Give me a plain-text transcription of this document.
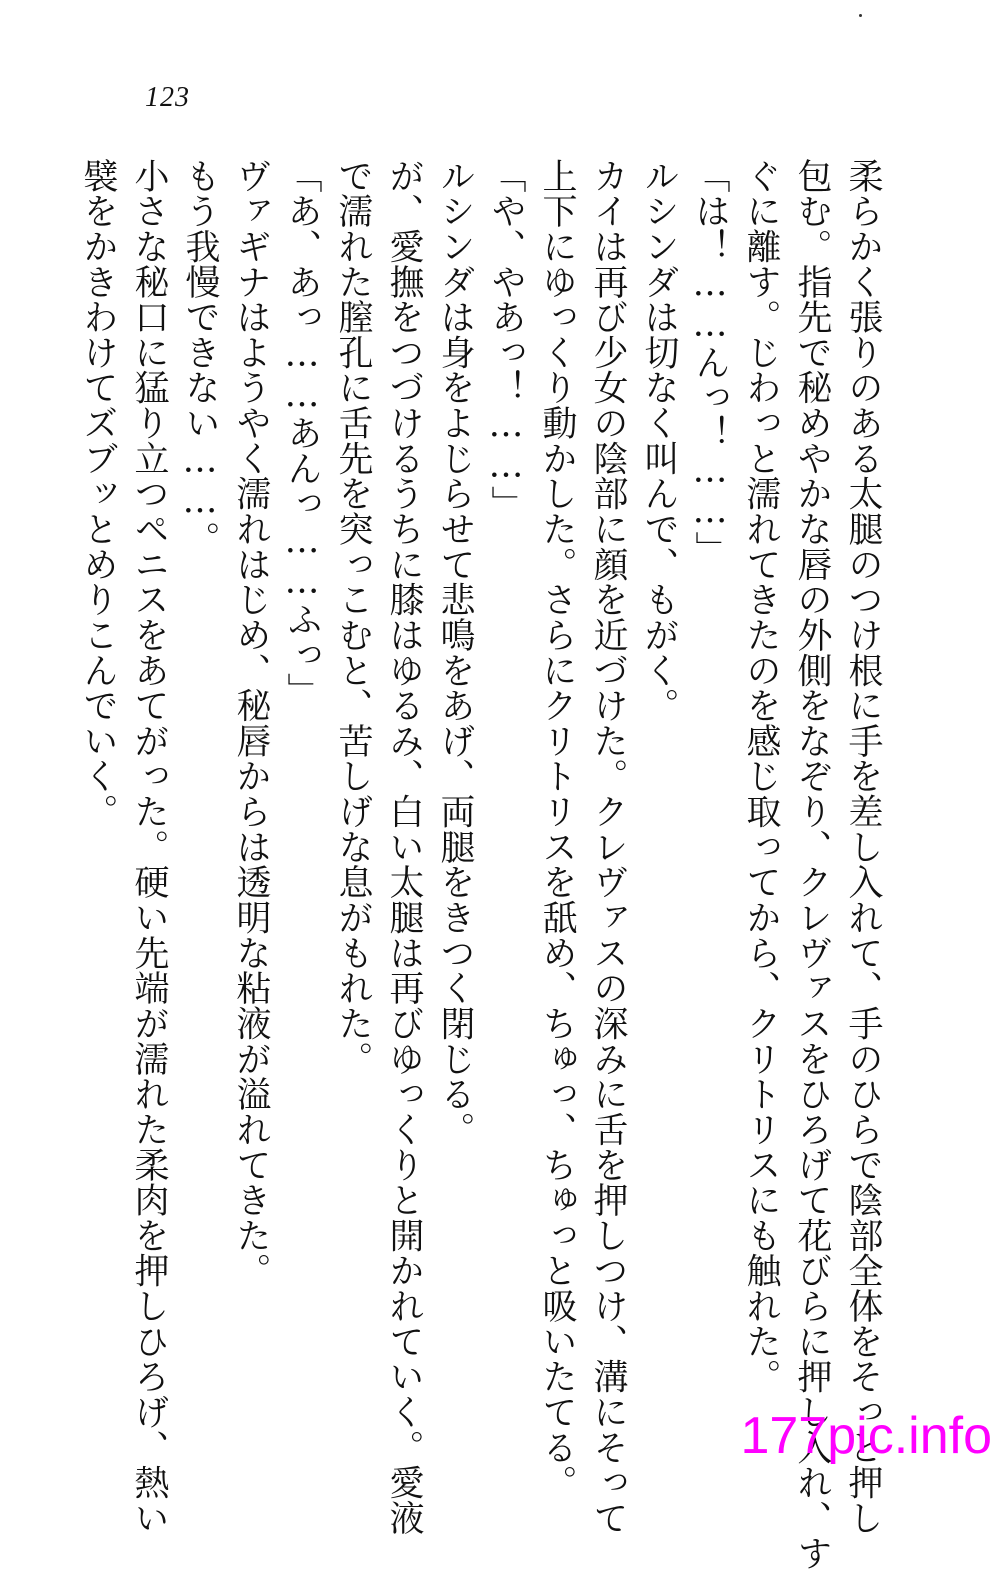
123

柔らかく張りのある太腿のつけ根に手を差し入れて、手のひらで陰部全体をそっと押し

包む。指先で秘めやかな唇の外側をなぞり、クレヴァスをひろげて花びらに押し入れ、す

ぐに離す。じわっと濡れてきたのを感じ取ってから、クリトリスにも触れた。

「は！……んっ！……」

ルシンダは切なく叫んで、もがく。

カイは再び少女の陰部に顔を近づけた。クレヴァスの深みに舌を押しつけ、溝にそって

上下にゆっくり動かした。さらにクリトリスを舐め、ちゅっ、ちゅっと吸いたてる。

「や、やあっ！……」

ルシンダは身をよじらせて悲鳴をあげ、両腿をきつく閉じる。

が、愛撫をつづけるうちに膝はゆるみ、白い太腿は再びゆっくりと開かれていく。愛液

で濡れた膣孔に舌先を突っこむと、苦しげな息がもれた。

「あ、あっ……あんっ……ふっ」

ヴァギナはようやく濡れはじめ、秘唇からは透明な粘液が溢れてきた。

もう我慢できない……。

小さな秘口に猛り立つペニスをあてがった。硬い先端が濡れた柔肉を押しひろげ、熱い

襞をかきわけてズブッとめりこんでいく。

177pic.info
